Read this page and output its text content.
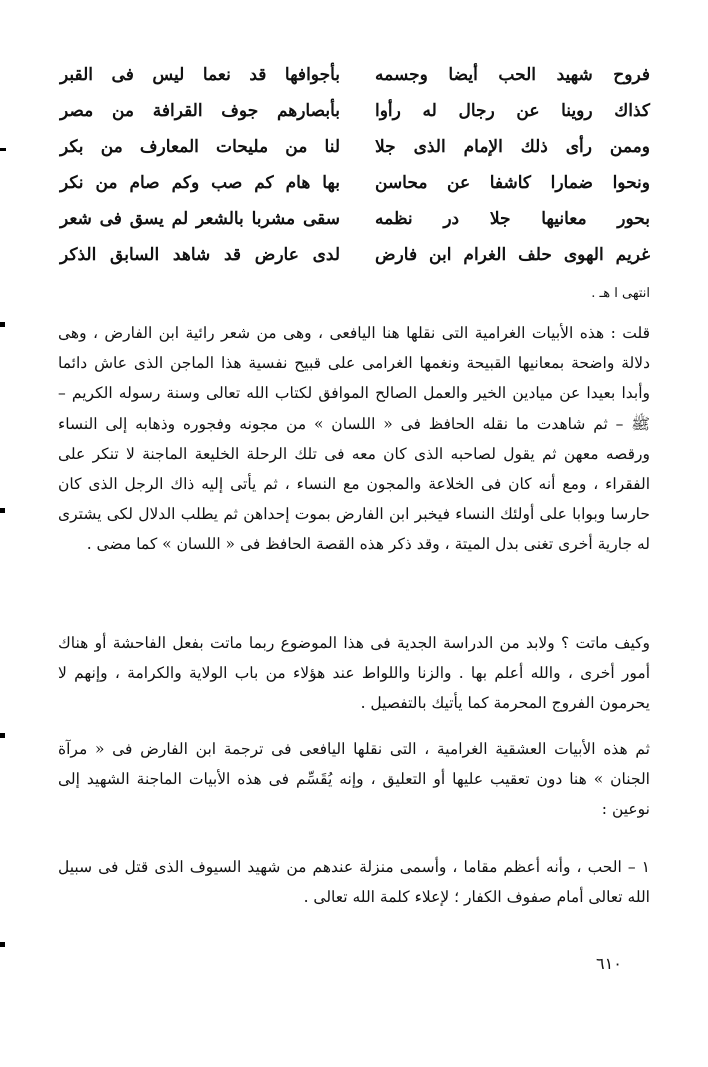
فروح شهيد الحب أيضا وجسمه
بأجوافها قد نعما ليس فى القبر
كذاك روينا عن رجال له رأوا
بأبصارهم جوف القرافة من مصر
وممن رأى ذلك الإمام الذى جلا
لنا من مليحات المعارف من بكر
ونحوا ضمارا كاشفا عن محاسن
بها هام كم صب وكم صام من نكر
بحور معانيها جلا در نظمه
سقى مشربا بالشعر لم يسق فى شعر
غريم الهوى حلف الغرام ابن فارض
لدى عارض قد شاهد السابق الذكر
انتهى ا هـ .

قلت : هذه الأبيات الغرامية التى نقلها هنا اليافعى ، وهى من شعر رائية ابن الفارض ، وهى دلالة واضحة بمعانيها القبيحة ونغمها الغرامى على قبيح نفسية هذا الماجن الذى عاش دائما وأبدا بعيدا عن ميادين الخير والعمل الصالح الموافق لكتاب الله تعالى وسنة رسوله الكريم – ﷺ – ثم شاهدت ما نقله الحافظ فى « اللسان » من مجونه وفجوره وذهابه إلى النساء ورقصه معهن ثم يقول لصاحبه الذى كان معه فى تلك الرحلة الخليعة الماجنة لا تنكر على الفقراء ، ومع أنه كان فى الخلاعة والمجون مع النساء ، ثم يأتى إليه ذاك الرجل الذى كان حارسا وبوابا على أولئك النساء فيخبر ابن الفارض بموت إحداهن ثم يطلب الدلال لكى يشترى له جارية أخرى تغنى بدل الميتة ، وقد ذكر هذه القصة الحافظ فى « اللسان » كما مضى .

وكيف ماتت ؟ ولابد من الدراسة الجدية فى هذا الموضوع ربما ماتت بفعل الفاحشة أو هناك أمور أخرى ، والله أعلم بها . والزنا واللواط عند هؤلاء من باب الولاية والكرامة ، وإنهم لا يحرمون الفروج المحرمة كما يأتيك بالتفصيل .

ثم هذه الأبيات العشقية الغرامية ، التى نقلها اليافعى فى ترجمة ابن الفارض فى « مرآة الجنان » هنا دون تعقيب عليها أو التعليق ، وإنه يُقَسِّم فى هذه الأبيات الماجنة الشهيد إلى نوعين :

١ – الحب ، وأنه أعظم مقاما ، وأسمى منزلة عندهم من شهيد السيوف الذى قتل فى سبيل الله تعالى أمام صفوف الكفار ؛ لإعلاء كلمة الله تعالى .

٦١٠
